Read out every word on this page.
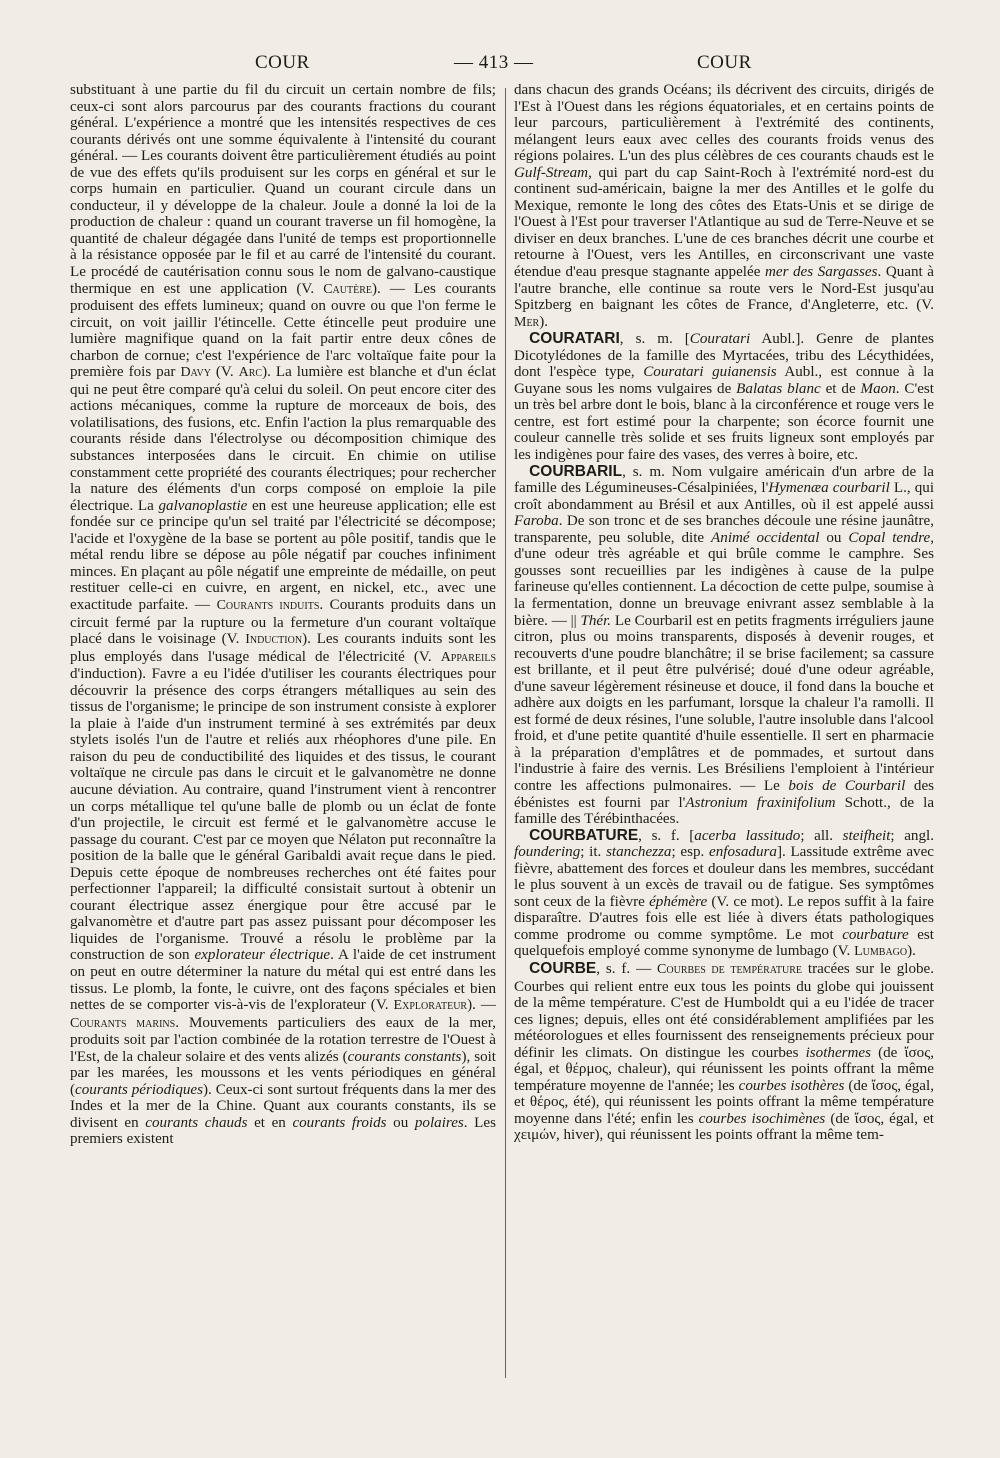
COUR	— 413 —	COUR

substituant à une partie du fil du circuit un certain nombre de fils; ceux-ci sont alors parcourus par des courants fractions du courant général. L'expérience a montré que les intensités respectives de ces courants dérivés ont une somme équivalente à l'intensité du courant général. — Les courants doivent être particulièrement étudiés au point de vue des effets qu'ils produisent sur les corps en général et sur le corps humain en particulier. Quand un courant circule dans un conducteur, il y développe de la chaleur. Joule a donné la loi de la production de chaleur : quand un courant traverse un fil homogène, la quantité de chaleur dégagée dans l'unité de temps est proportionnelle à la résistance opposée par le fil et au carré de l'intensité du courant. Le procédé de cautérisation connu sous le nom de galvano-caustique thermique en est une application (V. Cautère). — Les courants produisent des effets lumineux; quand on ouvre ou que l'on ferme le circuit, on voit jaillir l'étincelle. Cette étincelle peut produire une lumière magnifique quand on la fait partir entre deux cônes de charbon de cornue; c'est l'expérience de l'arc voltaïque faite pour la première fois par Davy (V. Arc). La lumière est blanche et d'un éclat qui ne peut être comparé qu'à celui du soleil. On peut encore citer des actions mécaniques, comme la rupture de morceaux de bois, des volatilisations, des fusions, etc. Enfin l'action la plus remarquable des courants réside dans l'électrolyse ou décomposition chimique des substances interposées dans le circuit. En chimie on utilise constamment cette propriété des courants électriques; pour rechercher la nature des éléments d'un corps composé on emploie la pile électrique. La galvanoplastie en est une heureuse application; elle est fondée sur ce principe qu'un sel traité par l'électricité se décompose; l'acide et l'oxygène de la base se portent au pôle positif, tandis que le métal rendu libre se dépose au pôle négatif par couches infiniment minces. En plaçant au pôle négatif une empreinte de médaille, on peut restituer celle-ci en cuivre, en argent, en nickel, etc., avec une exactitude parfaite. — Courants induits. Courants produits dans un circuit fermé par la rupture ou la fermeture d'un courant voltaïque placé dans le voisinage (V. Induction). Les courants induits sont les plus employés dans l'usage médical de l'électricité (V. Appareils d'induction). Favre a eu l'idée d'utiliser les courants électriques pour découvrir la présence des corps étrangers métalliques au sein des tissus de l'organisme; le principe de son instrument consiste à explorer la plaie à l'aide d'un instrument terminé à ses extrémités par deux stylets isolés l'un de l'autre et reliés aux rhéophores d'une pile. En raison du peu de conductibilité des liquides et des tissus, le courant voltaïque ne circule pas dans le circuit et le galvanomètre ne donne aucune déviation. Au contraire, quand l'instrument vient à rencontrer un corps métallique tel qu'une balle de plomb ou un éclat de fonte d'un projectile, le circuit est fermé et le galvanomètre accuse le passage du courant. C'est par ce moyen que Nélaton put reconnaître la position de la balle que le général Garibaldi avait reçue dans le pied. Depuis cette époque de nombreuses recherches ont été faites pour perfectionner l'appareil; la difficulté consistait surtout à obtenir un courant électrique assez énergique pour être accusé par le galvanomètre et d'autre part pas assez puissant pour décomposer les liquides de l'organisme. Trouvé a résolu le problème par la construction de son explorateur électrique. A l'aide de cet instrument on peut en outre déterminer la nature du métal qui est entré dans les tissus. Le plomb, la fonte, le cuivre, ont des façons spéciales et bien nettes de se comporter vis-à-vis de l'explorateur (V. Explorateur). — Courants marins. Mouvements particuliers des eaux de la mer, produits soit par l'action combinée de la rotation terrestre de l'Ouest à l'Est, de la chaleur solaire et des vents alizés (courants constants), soit par les marées, les moussons et les vents périodiques en général (courants périodiques). Ceux-ci sont surtout fréquents dans la mer des Indes et la mer de la Chine. Quant aux courants constants, ils se divisent en courants chauds et en courants froids ou polaires. Les premiers existent

dans chacun des grands Océans; ils décrivent des circuits, dirigés de l'Est à l'Ouest dans les régions équatoriales, et en certains points de leur parcours, particulièrement à l'extrémité des continents, mélangent leurs eaux avec celles des courants froids venus des régions polaires. L'un des plus célèbres de ces courants chauds est le Gulf-Stream, qui part du cap Saint-Roch à l'extrémité nord-est du continent sud-américain, baigne la mer des Antilles et le golfe du Mexique, remonte le long des côtes des Etats-Unis et se dirige de l'Ouest à l'Est pour traverser l'Atlantique au sud de Terre-Neuve et se diviser en deux branches. L'une de ces branches décrit une courbe et retourne à l'Ouest, vers les Antilles, en circonscrivant une vaste étendue d'eau presque stagnante appelée mer des Sargasses. Quant à l'autre branche, elle continue sa route vers le Nord-Est jusqu'au Spitzberg en baignant les côtes de France, d'Angleterre, etc. (V. Mer).

 COURATARI, s. m. [Couratari Aubl.]. Genre de plantes Dicotylédones de la famille des Myrtacées, tribu des Lécythidées, dont l'espèce type, Couratari guianensis Aubl., est connue à la Guyane sous les noms vulgaires de Balatas blanc et de Maon. C'est un très bel arbre dont le bois, blanc à la circonférence et rouge vers le centre, est fort estimé pour la charpente; son écorce fournit une couleur cannelle très solide et ses fruits ligneux sont employés par les indigènes pour faire des vases, des verres à boire, etc.

 COURBARIL, s. m. Nom vulgaire américain d'un arbre de la famille des Légumineuses-Césalpiniées, l'Hymenæa courbaril L., qui croît abondamment au Brésil et aux Antilles, où il est appelé aussi Faroba. De son tronc et de ses branches découle une résine jaunâtre, transparente, peu soluble, dite Animé occidental ou Copal tendre, d'une odeur très agréable et qui brûle comme le camphre. Ses gousses sont recueillies par les indigènes à cause de la pulpe farineuse qu'elles contiennent. La décoction de cette pulpe, soumise à la fermentation, donne un breuvage enivrant assez semblable à la bière. — || Thér. Le Courbaril est en petits fragments irréguliers jaune citron, plus ou moins transparents, disposés à devenir rouges, et recouverts d'une poudre blanchâtre; il se brise facilement; sa cassure est brillante, et il peut être pulvérisé; doué d'une odeur agréable, d'une saveur légèrement résineuse et douce, il fond dans la bouche et adhère aux doigts en les parfumant, lorsque la chaleur l'a ramolli. Il est formé de deux résines, l'une soluble, l'autre insoluble dans l'alcool froid, et d'une petite quantité d'huile essentielle. Il sert en pharmacie à la préparation d'emplâtres et de pommades, et surtout dans l'industrie à faire des vernis. Les Brésiliens l'emploient à l'intérieur contre les affections pulmonaires. — Le bois de Courbaril des ébénistes est fourni par l'Astronium fraxinifolium Schott., de la famille des Térébinthacées.

 COURBATURE, s. f. [acerba lassitudo; all. steifheit; angl. foundering; it. stanchezza; esp. enfosadura]. Lassitude extrême avec fièvre, abattement des forces et douleur dans les membres, succédant le plus souvent à un excès de travail ou de fatigue. Ses symptômes sont ceux de la fièvre éphémère (V. ce mot). Le repos suffit à la faire disparaître. D'autres fois elle est liée à divers états pathologiques comme prodrome ou comme symptôme. Le mot courbature est quelquefois employé comme synonyme de lumbago (V. Lumbago).

 COURBE, s. f. — Courbes de température tracées sur le globe. Courbes qui relient entre eux tous les points du globe qui jouissent de la même température. C'est de Humboldt qui a eu l'idée de tracer ces lignes; depuis, elles ont été considérablement amplifiées par les météorologues et elles fournissent des renseignements précieux pour définir les climats. On distingue les courbes isothermes (de ἴσος, égal, et θέρμος, chaleur), qui réunissent les points offrant la même température moyenne de l'année; les courbes isothères (de ἴσος, égal, et θέρος, été), qui réunissent les points offrant la même température moyenne dans l'été; enfin les courbes isochimènes (de ἴσος, égal, et χειμών, hiver), qui réunissent les points offrant la même tem-
